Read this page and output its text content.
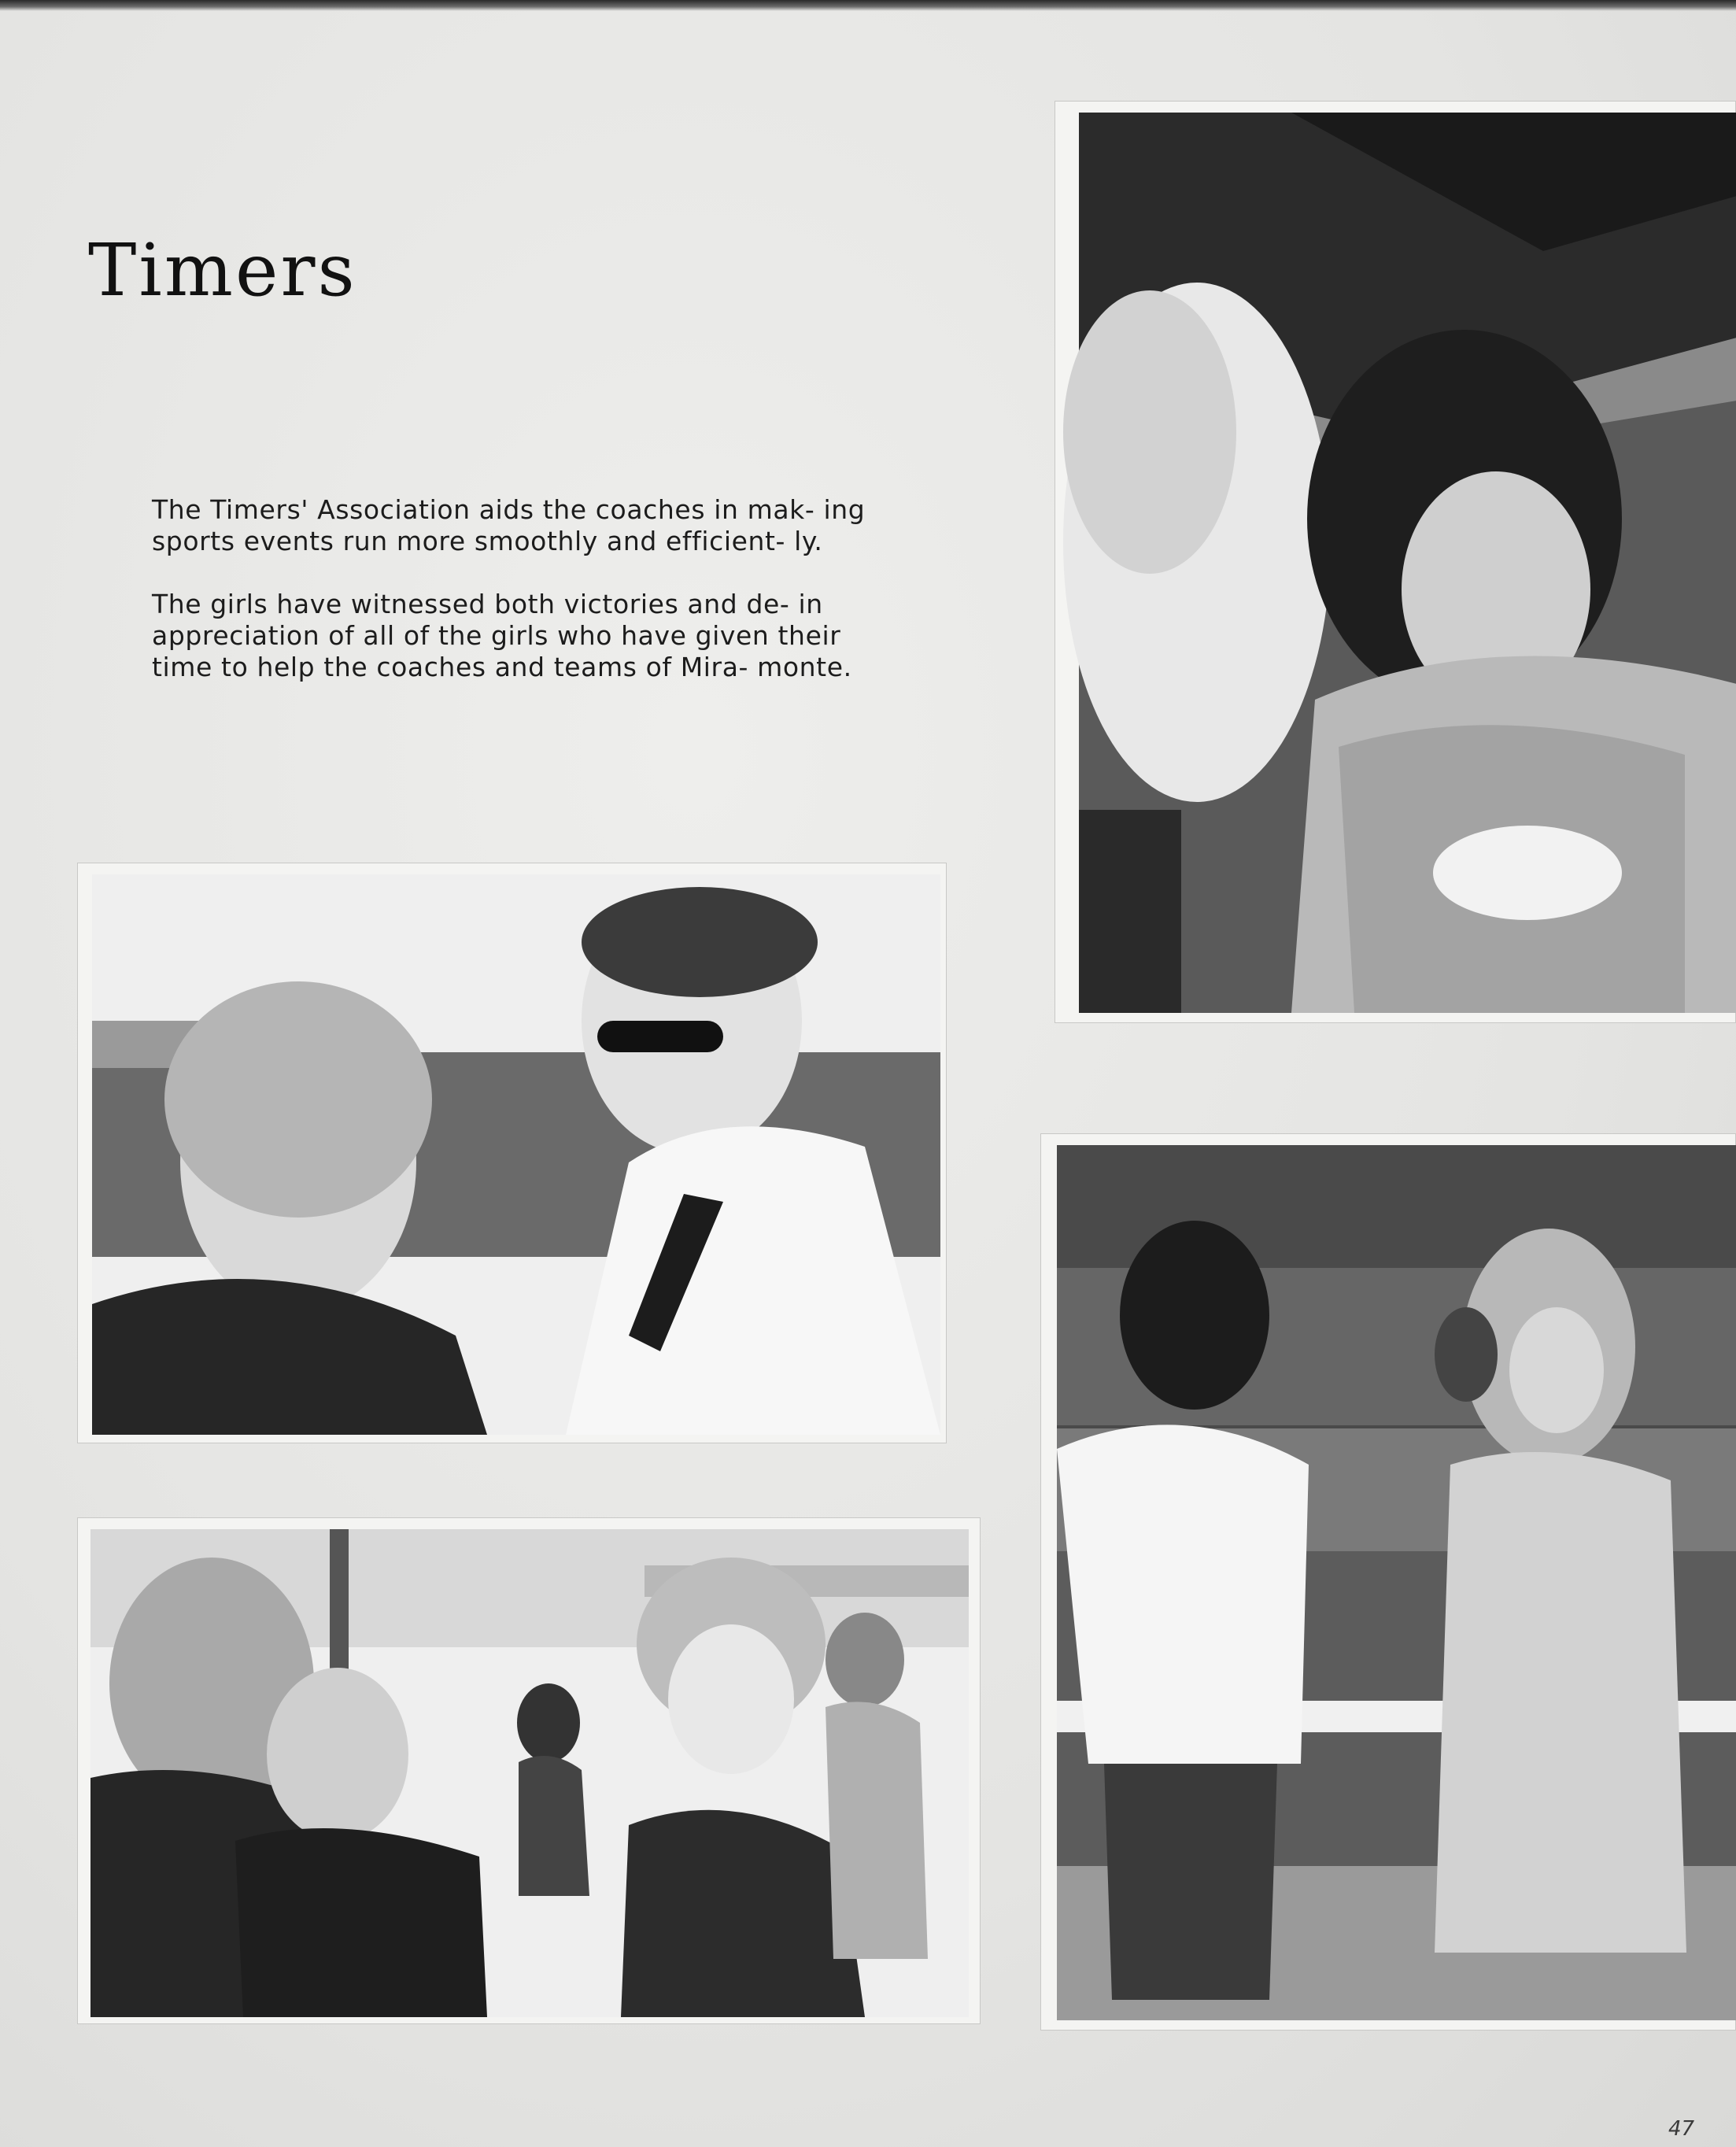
Timers

The Timers' Association aids the coaches in mak- ing sports events run more smoothly and efficient- ly.

The girls have witnessed both victories and de- in appreciation of all of the girls who have given their time to help the coaches and teams of Mira- monte.

47
